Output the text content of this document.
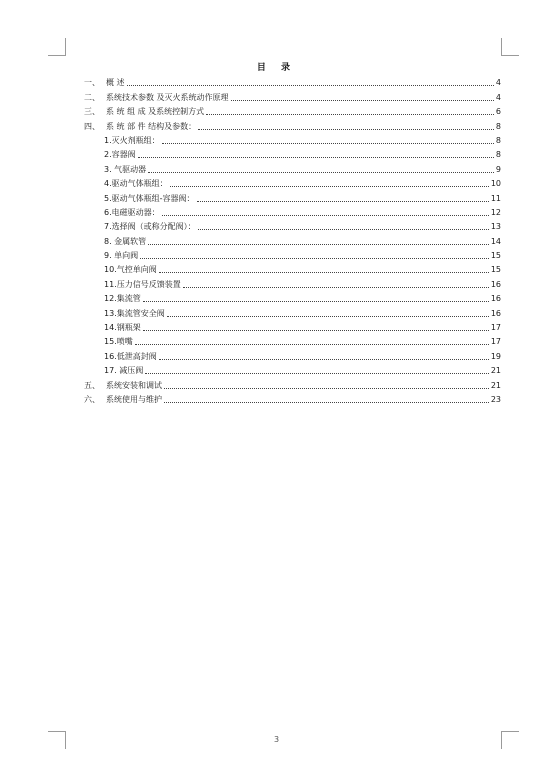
目 录
一、 概 述	4
二、 系统技术参数 及灭火系统动作原理	4
三、 系 统 组 成 及系统控制方式	6
四、 系 统 部 件 结构及参数：	8
1. 灭火剂瓶组：	8
2. 容器阀	8
3. 气驱动器	9
4. 驱动气体瓶组：	10
5. 驱动气体瓶组-容器阀：	11
6. 电磁驱动器：	12
7. 选择阀（或称分配阀）：	13
8. 金属软管	14
9. 单向阀	15
10. 气控单向阀	15
11. 压力信号反馈装置	16
12. 集流管	16
13. 集流管安全阀	16
14. 钢瓶架	17
15. 喷嘴	17
16. 低泄高封阀	19
17. 减压阀	21
五、 系统安装和调试	21
六、 系统使用与维护	23
3
